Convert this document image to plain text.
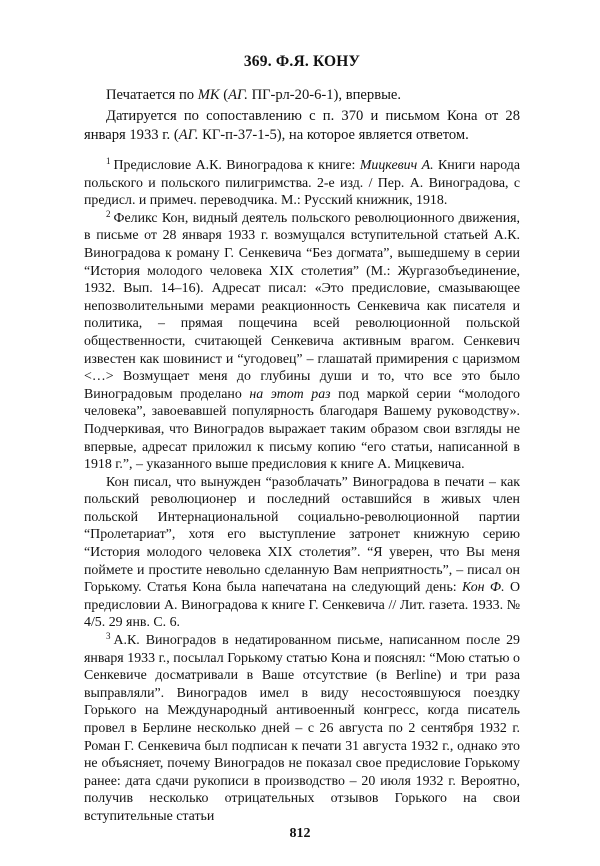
369. Ф.Я. КОНУ

Печатается по МК (АГ. ПГ-рл-20-6-1), впервые.

Датируется по сопоставлению с п. 370 и письмом Кона от 28 января 1933 г. (АГ. КГ-п-37-1-5), на которое является ответом.

$^1$ Предисловие А.К. Виноградова к книге: Мицкевич А. Книги народа польского и польского пилигримства. 2-е изд. / Пер. А. Виноградова, с предисл. и примеч. переводчика. М.: Русский книжник, 1918.

$^2$ Феликс Кон, видный деятель польского революционного движения, в письме от 28 января 1933 г. возмущался вступительной статьей А.К. Виноградова к роману Г. Сенкевича “Без догмата”, вышедшему в серии “История молодого человека XIX столетия” (М.: Жургазобъединение, 1932. Вып. 14–16). Адресат писал: «Это предисловие, смазывающее непозволительными мерами реакционность Сенкевича как писателя и политика, – прямая пощечина всей революционной польской общественности, считающей Сенкевича активным врагом. Сенкевич известен как шовинист и “угодовец” – глашатай примирения с царизмом <…> Возмущает меня до глубины души и то, что все это было Виноградовым проделано на этот раз под маркой серии “молодого человека”, завоевавшей популярность благодаря Вашему руководству». Подчеркивая, что Виноградов выражает таким образом свои взгляды не впервые, адресат приложил к письму копию “его статьи, написанной в 1918 г.”, – указанного выше предисловия к книге А. Мицкевича.

Кон писал, что вынужден “разоблачать” Виноградова в печати – как польский революционер и последний оставшийся в живых член польской Интернациональной социально-революционной партии “Пролетариат”, хотя его выступление затронет книжную серию “История молодого человека XIX столетия”. “Я уверен, что Вы меня поймете и простите невольно сделанную Вам неприятность”, – писал он Горькому. Статья Кона была напечатана на следующий день: Кон Ф. О предисловии А. Виноградова к книге Г. Сенкевича // Лит. газета. 1933. № 4/5. 29 янв. С. 6.

$^3$ А.К. Виноградов в недатированном письме, написанном после 29 января 1933 г., посылал Горькому статью Кона и пояснял: “Мою статью о Сенкевиче досматривали в Ваше отсутствие (в Berline) и три раза выправляли”. Виноградов имел в виду несостоявшуюся поездку Горького на Международный антивоенный конгресс, когда писатель провел в Берлине несколько дней – с 26 августа по 2 сентября 1932 г. Роман Г. Сенкевича был подписан к печати 31 августа 1932 г., однако это не объясняет, почему Виноградов не показал свое предисловие Горькому ранее: дата сдачи рукописи в производство – 20 июля 1932 г. Вероятно, получив несколько отрицательных отзывов Горького на свои вступительные статьи

812
